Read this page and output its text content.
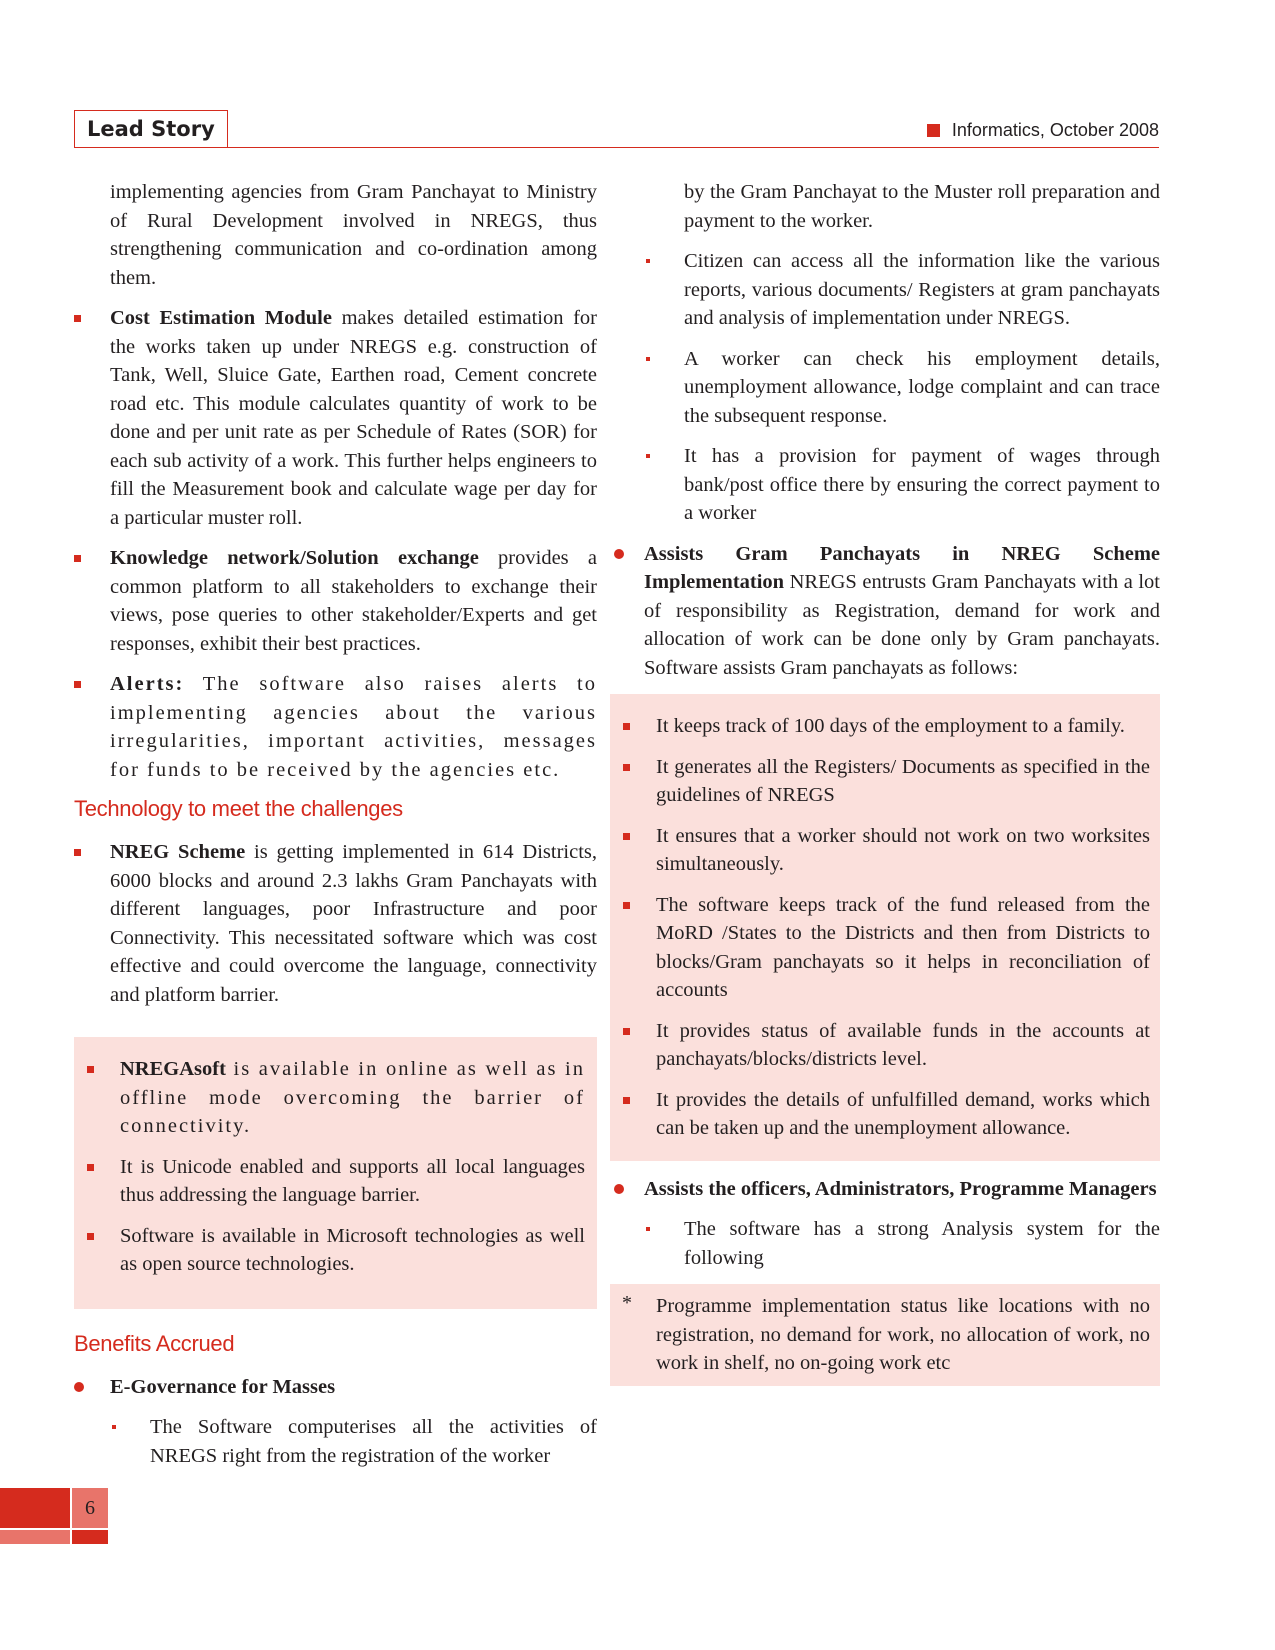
Lead Story	Informatics, October 2008

implementing agencies from Gram Panchayat to Ministry of Rural Development involved in NREGS, thus strengthening communication and co-ordination among them.

Cost Estimation Module makes detailed estimation for the works taken up under NREGS e.g. construction of Tank, Well, Sluice Gate, Earthen road, Cement concrete road etc. This module calculates quantity of work to be done and per unit rate as per Schedule of Rates (SOR) for each sub activity of a work. This further helps engineers to fill the Measurement book and calculate wage per day for a particular muster roll.

Knowledge network/Solution exchange provides a common platform to all stakeholders to exchange their views, pose queries to other stakeholder/Experts and get responses, exhibit their best practices.

Alerts: The software also raises alerts to implementing agencies about the various irregularities, important activities, messages for funds to be received by the agencies etc.

Technology to meet the challenges

NREG Scheme is getting implemented in 614 Districts, 6000 blocks and around 2.3 lakhs Gram Panchayats with different languages, poor Infrastructure and poor Connectivity. This necessitated software which was cost effective and could overcome the language, connectivity and platform barrier.

NREGAsoft is available in online as well as in offline mode overcoming the barrier of connectivity.

It is Unicode enabled and supports all local languages thus addressing the language barrier.

Software is available in Microsoft technologies as well as open source technologies.

Benefits Accrued

E-Governance for Masses

The Software computerises all the activities of NREGS right from the registration of the worker

by the Gram Panchayat to the Muster roll preparation and payment to the worker.

Citizen can access all the information like the various reports, various documents/ Registers at gram panchayats and analysis of implementation under NREGS.

A worker can check his employment details, unemployment allowance, lodge complaint and can trace the subsequent response.

It has a provision for payment of wages through bank/post office there by ensuring the correct payment to a worker

Assists Gram Panchayats in NREG Scheme Implementation NREGS entrusts Gram Panchayats with a lot of responsibility as Registration, demand for work and allocation of work can be done only by Gram panchayats. Software assists Gram panchayats as follows:

It keeps track of 100 days of the employment to a family.

It generates all the Registers/ Documents as specified in the guidelines of NREGS

It ensures that a worker should not work on two worksites simultaneously.

The software keeps track of the fund released from the MoRD /States to the Districts and then from Districts to blocks/Gram panchayats so it helps in reconciliation of accounts

It provides status of available funds in the accounts at panchayats/blocks/districts level.

It provides the details of unfulfilled demand, works which can be taken up and the unemployment allowance.

Assists the officers, Administrators, Programme Managers

The software has a strong Analysis system for the following

* Programme implementation status like locations with no registration, no demand for work, no allocation of work, no work in shelf, no on-going work etc

6
